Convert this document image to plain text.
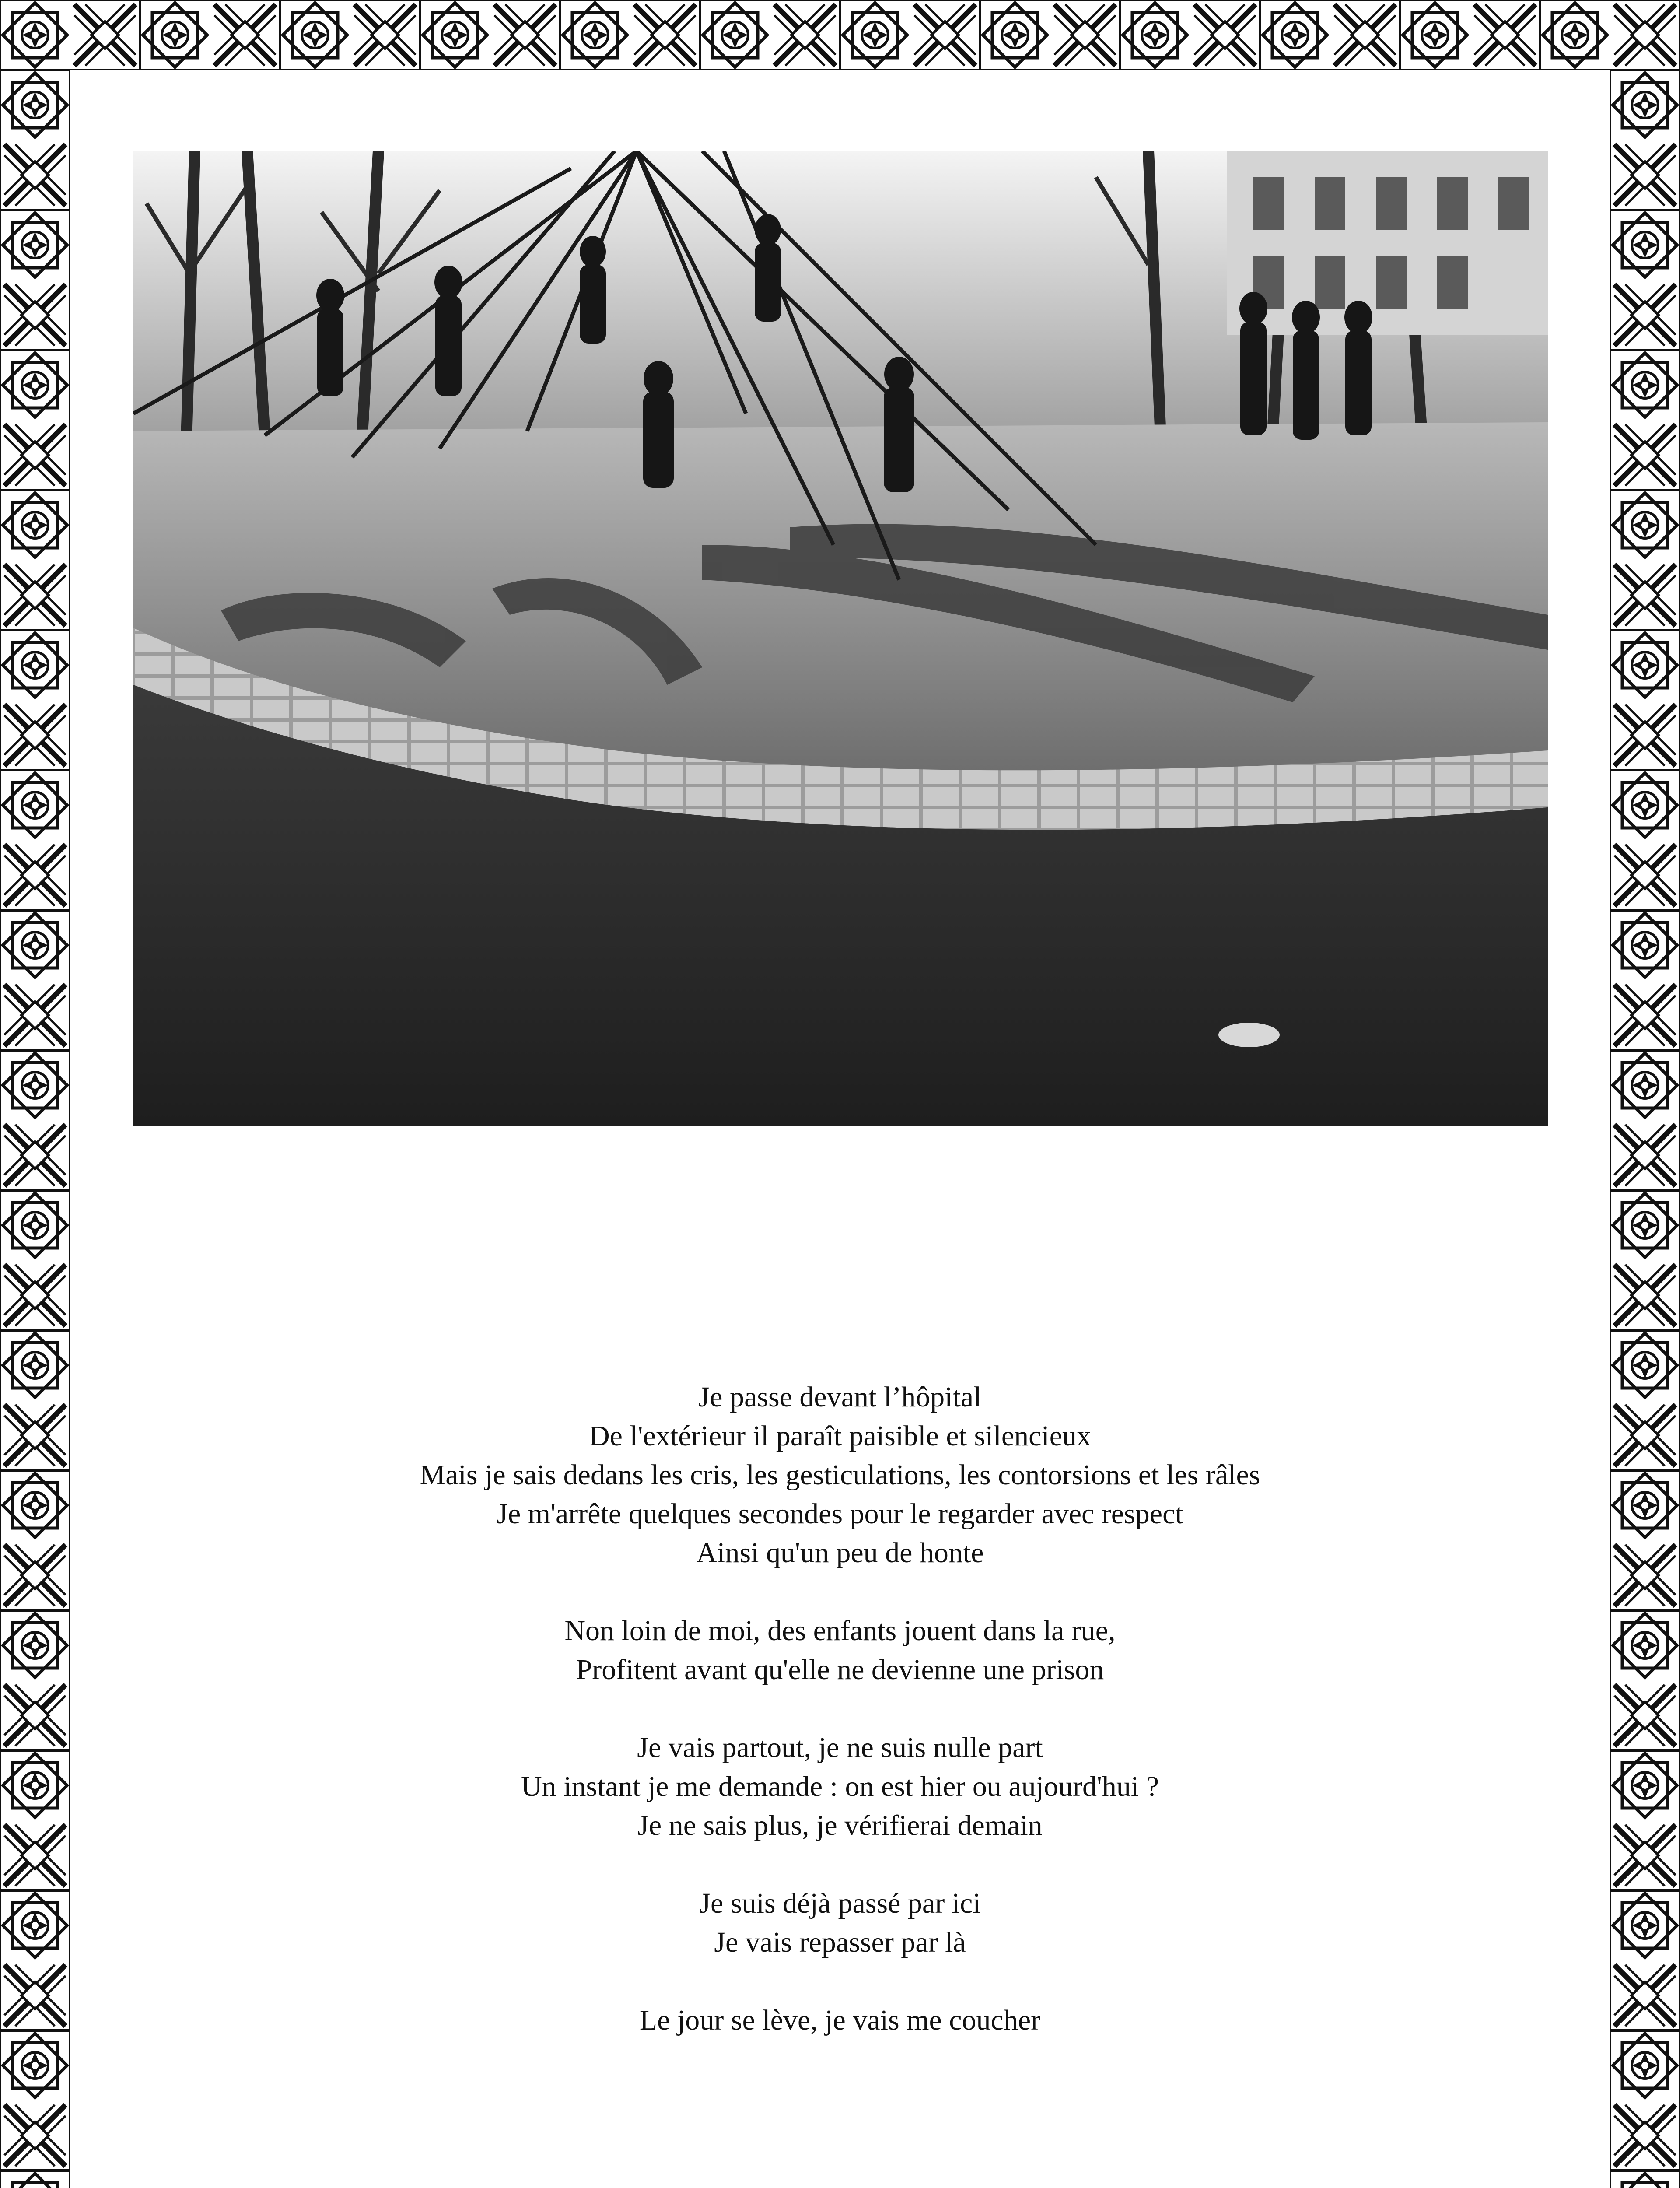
Je passe devant l’hôpital
De l'extérieur il paraît paisible et silencieux
Mais je sais dedans les cris, les gesticulations, les contorsions et les râles
Je m'arrête quelques secondes pour le regarder avec respect
Ainsi qu'un peu de honte
Non loin de moi, des enfants jouent dans la rue,
Profitent avant qu'elle ne devienne une prison
Je vais partout, je ne suis nulle part
Un instant je me demande : on est hier ou aujourd'hui ?
Je ne sais plus, je vérifierai demain
Je suis déjà passé par ici
Je vais repasser par là
Le jour se lève, je vais me coucher
